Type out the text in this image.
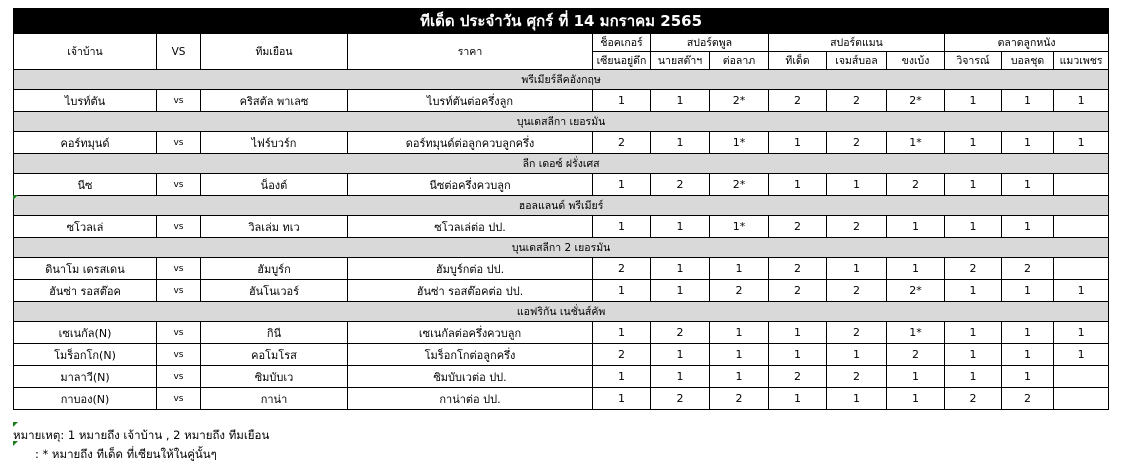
ทีเด็ด ประจำวัน ศุกร์ ที่ 14 มกราคม 2565												
เจ้าบ้าน	VS	ทีมเยือน	ราคา	ช็อคเกอร์	สปอร์ตพูล		สปอร์ตแมน			ตลาดลูกหนัง		
				เซียนอยู่ดึก	นายสต๊าฯ	ต่อลาภ	ทีเด็ด	เจมส์บอล	ขงเบ้ง	วิจารณ์	บอลชุด	แมวเพชร
พรีเมียร์ลีคอังกฤษ												
ไบรท์ตัน	vs	คริสตัล พาเลซ	ไบรท์ตันต่อครึ่งลูก	1	1	2*	2	2	2*	1	1	1
บุนเดสลีกา เยอรมัน												
คอร์ทมุนด์	vs	ไฟร์บวร์ก	ดอร์ทมุนด์ต่อลูกควบลูกครึ่ง	2	1	1*	1	2	1*	1	1	1
ลีก เดอซ์ ฝรั่งเศส												
นีซ	vs	น็องต์	นีซต่อครึ่งควบลูก	1	2	2*	1	1	2	1	1	
ฮอลแลนด์ พรีเมียร์												
ซโวลเล่	vs	วิลเล่ม ทเว	ซโวลเล่ต่อ ปป.	1	1	1*	2	2	1	1	1	
บุนเดสลีกา 2 เยอรมัน												
ดินาโม เดรสเดน	vs	ฮัมบูร์ก	ฮัมบูร์กต่อ ปป.	2	1	1	2	1	1	2	2	
ฮันซ่า รอสต๊อค	vs	ฮันโนเวอร์	ฮันซ่า รอสต๊อคต่อ ปป.	1	1	2	2	2	2*	1	1	1
แอฟริกัน เนชั่นส์คัพ												
เซเนกัล(N)	vs	กินี	เซเนกัลต่อครึ่งควบลูก	1	2	1	1	2	1*	1	1	1
โมร็อกโก(N)	vs	คอโมโรส	โมร็อกโกต่อลูกครึ่ง	2	1	1	1	1	2	1	1	1
มาลาวี(N)	vs	ซิมบับเว	ซิมบับเวต่อ ปป.	1	1	1	2	2	1	1	1	
กาบอง(N)	vs	กาน่า	กาน่าต่อ ปป.	1	2	2	1	1	1	2	2	
หมายเหตุ: 1 หมายถึง เจ้าบ้าน , 2 หมายถึง ทีมเยือน
: * หมายถึง ทีเด็ด ที่เซียนให้ในคู่นั้นๆ
